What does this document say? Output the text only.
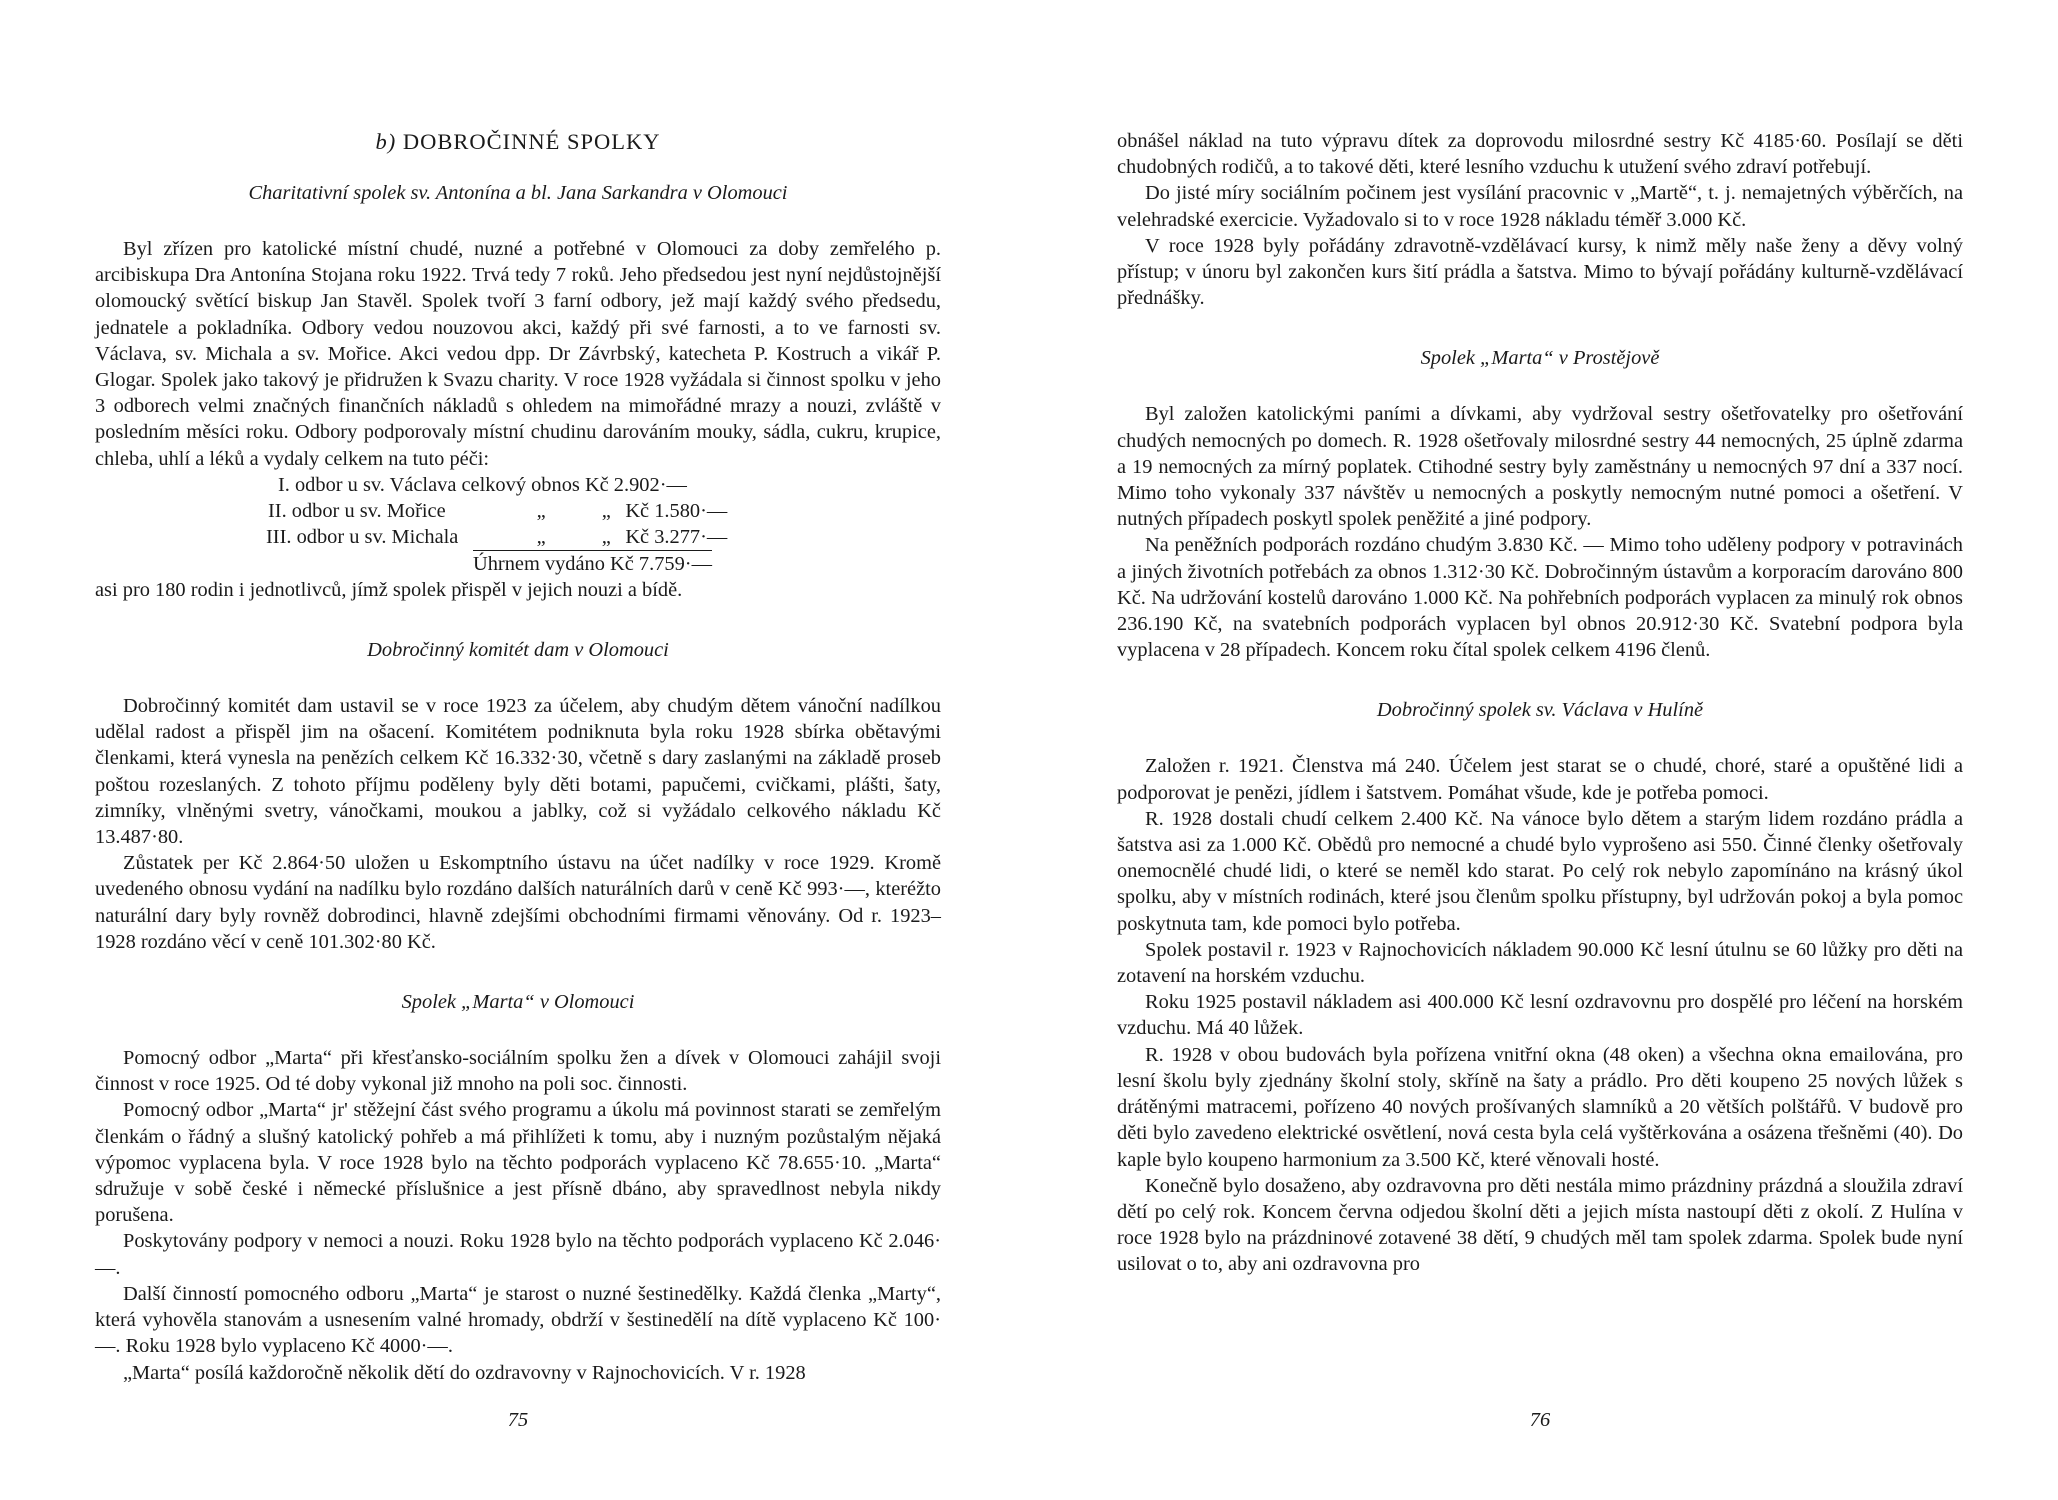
b) DOBROČINNÉ SPOLKY
Charitativní spolek sv. Antonína a bl. Jana Sarkandra v Olomouci

Byl zřízen pro katolické místní chudé, nuzné a potřebné v Olomouci za doby zemřelého p. arcibiskupa Dra Antonína Stojana roku 1922. Trvá tedy 7 roků. Jeho předsedou jest nyní nejdůstojnější olomoucký světící biskup Jan Stavěl. Spolek tvoří 3 farní odbory, jež mají každý svého předsedu, jednatele a pokladníka. Odbory vedou nouzovou akci, každý při své farnosti, a to ve farnosti sv. Václava, sv. Michala a sv. Mořice. Akci vedou dpp. Dr Závrbský, katecheta P. Kostruch a vikář P. Glogar. Spolek jako takový je přidružen k Svazu charity. V roce 1928 vyžádala si činnost spolku v jeho 3 odborech velmi značných finančních nákladů s ohledem na mimořádné mrazy a nouzi, zvláště v posledním měsíci roku. Odbory podporovaly místní chudinu darováním mouky, sádla, cukru, krupice, chleba, uhlí a léků a vydaly celkem na tuto péči:

I. odbor u sv. Václava celkový obnos Kč 2.902·—
II. odbor u sv. Mořice	„	„ Kč 1.580·—
III. odbor u sv. Michala	„	„ Kč 3.277·—
Úhrnem vydáno Kč 7.759·—

asi pro 180 rodin i jednotlivců, jímž spolek přispěl v jejich nouzi a bídě.

Dobročinný komitét dam v Olomouci

Dobročinný komitét dam ustavil se v roce 1923 za účelem, aby chudým dětem vánoční nadílkou udělal radost a přispěl jim na ošacení. Komitétem podniknuta byla roku 1928 sbírka obětavými členkami, která vynesla na penězích celkem Kč 16.332·30, včetně s dary zaslanými na základě proseb poštou rozeslaných. Z tohoto příjmu poděleny byly děti botami, papučemi, cvičkami, plášti, šaty, zimníky, vlněnými svetry, vánočkami, moukou a jablky, což si vyžádalo celkového nákladu Kč 13.487·80.

Zůstatek per Kč 2.864·50 uložen u Eskomptního ústavu na účet nadílky v roce 1929. Kromě uvedeného obnosu vydání na nadílku bylo rozdáno dalších naturálních darů v ceně Kč 993·—, kteréžto naturální dary byly rovněž dobrodinci, hlavně zdejšími obchodními firmami věnovány. Od r. 1923–1928 rozdáno věcí v ceně 101.302·80 Kč.

Spolek „Marta“ v Olomouci

Pomocný odbor „Marta“ při křesťansko-sociálním spolku žen a dívek v Olomouci zahájil svoji činnost v roce 1925. Od té doby vykonal již mnoho na poli soc. činnosti.

Pomocný odbor „Marta“ jr' stěžejní část svého programu a úkolu má povinnost starati se zemřelým členkám o řádný a slušný katolický pohřeb a má přihlížeti k tomu, aby i nuzným pozůstalým nějaká výpomoc vyplacena byla. V roce 1928 bylo na těchto podporách vyplaceno Kč 78.655·10. „Marta“ sdružuje v sobě české i německé příslušnice a jest přísně dbáno, aby spravedlnost nebyla nikdy porušena.

Poskytovány podpory v nemoci a nouzi. Roku 1928 bylo na těchto podporách vyplaceno Kč 2.046·—.

Další činností pomocného odboru „Marta“ je starost o nuzné šestinedělky. Každá členka „Marty“, která vyhověla stanovám a usnesením valné hromady, obdrží v šestinedělí na dítě vyplaceno Kč 100·—. Roku 1928 bylo vyplaceno Kč 4000·—.

„Marta“ posílá každoročně několik dětí do ozdravovny v Rajnochovicích. V r. 1928

75

obnášel náklad na tuto výpravu dítek za doprovodu milosrdné sestry Kč 4185·60. Posílají se děti chudobných rodičů, a to takové děti, které lesního vzduchu k utužení svého zdraví potřebují.

Do jisté míry sociálním počinem jest vysílání pracovnic v „Martě“, t. j. nemajetných výběrčích, na velehradské exercicie. Vyžadovalo si to v roce 1928 nákladu téměř 3.000 Kč.

V roce 1928 byly pořádány zdravotně-vzdělávací kursy, k nimž měly naše ženy a děvy volný přístup; v únoru byl zakončen kurs šití prádla a šatstva. Mimo to bývají pořádány kulturně-vzdělávací přednášky.

Spolek „Marta“ v Prostějově

Byl založen katolickými paními a dívkami, aby vydržoval sestry ošetřovatelky pro ošetřování chudých nemocných po domech. R. 1928 ošetřovaly milosrdné sestry 44 nemocných, 25 úplně zdarma a 19 nemocných za mírný poplatek. Ctihodné sestry byly zaměstnány u nemocných 97 dní a 337 nocí. Mimo toho vykonaly 337 návštěv u nemocných a poskytly nemocným nutné pomoci a ošetření. V nutných případech poskytl spolek peněžité a jiné podpory.

Na peněžních podporách rozdáno chudým 3.830 Kč. — Mimo toho uděleny podpory v potravinách a jiných životních potřebách za obnos 1.312·30 Kč. Dobročinným ústavům a korporacím darováno 800 Kč. Na udržování kostelů darováno 1.000 Kč. Na pohřebních podporách vyplacen za minulý rok obnos 236.190 Kč, na svatebních podporách vyplacen byl obnos 20.912·30 Kč. Svatební podpora byla vyplacena v 28 případech. Koncem roku čítal spolek celkem 4196 členů.

Dobročinný spolek sv. Václava v Hulíně

Založen r. 1921. Členstva má 240. Účelem jest starat se o chudé, choré, staré a opuštěné lidi a podporovat je penězi, jídlem i šatstvem. Pomáhat všude, kde je potřeba pomoci.

R. 1928 dostali chudí celkem 2.400 Kč. Na vánoce bylo dětem a starým lidem rozdáno prádla a šatstva asi za 1.000 Kč. Obědů pro nemocné a chudé bylo vyprošeno asi 550. Činné členky ošetřovaly onemocnělé chudé lidi, o které se neměl kdo starat. Po celý rok nebylo zapomínáno na krásný úkol spolku, aby v místních rodinách, které jsou členům spolku přístupny, byl udržován pokoj a byla pomoc poskytnuta tam, kde pomoci bylo potřeba.

Spolek postavil r. 1923 v Rajnochovicích nákladem 90.000 Kč lesní útulnu se 60 lůžky pro děti na zotavení na horském vzduchu.

Roku 1925 postavil nákladem asi 400.000 Kč lesní ozdravovnu pro dospělé pro léčení na horském vzduchu. Má 40 lůžek.

R. 1928 v obou budovách byla pořízena vnitřní okna (48 oken) a všechna okna emailována, pro lesní školu byly zjednány školní stoly, skříně na šaty a prádlo. Pro děti koupeno 25 nových lůžek s drátěnými matracemi, pořízeno 40 nových prošívaných slamníků a 20 větších polštářů. V budově pro děti bylo zavedeno elektrické osvětlení, nová cesta byla celá vyštěrkována a osázena třešněmi (40). Do kaple bylo koupeno harmonium za 3.500 Kč, které věnovali hosté.

Konečně bylo dosaženo, aby ozdravovna pro děti nestála mimo prázdniny prázdná a sloužila zdraví dětí po celý rok. Koncem června odjedou školní děti a jejich místa nastoupí děti z okolí. Z Hulína v roce 1928 bylo na prázdninové zotavené 38 dětí, 9 chudých měl tam spolek zdarma. Spolek bude nyní usilovat o to, aby ani ozdravovna pro

76
